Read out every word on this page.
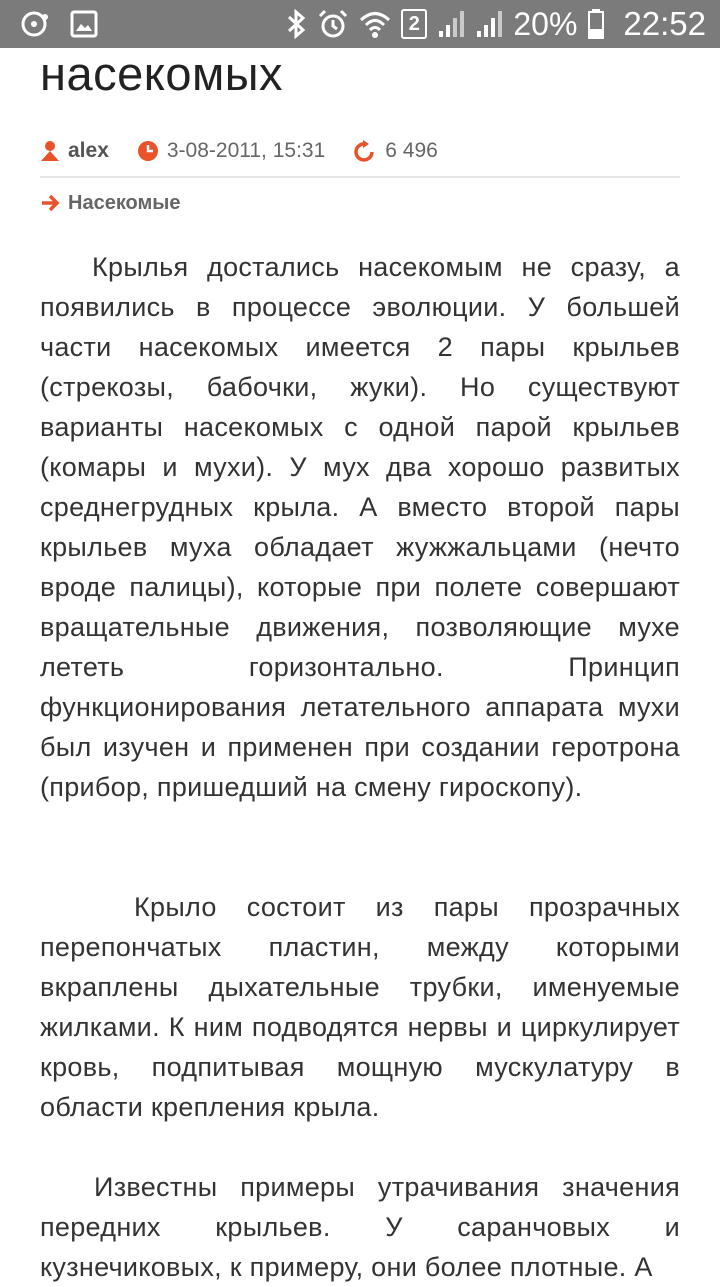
2	20% 22:52
насекомых
alex	3-08-2011, 15:31	6 496
Насекомые

Крылья достались насекомым не сразу, а появились в процессе эволюции. У большей части насекомых имеется 2 пары крыльев (стрекозы, бабочки, жуки). Но существуют варианты насекомых с одной парой крыльев (комары и мухи). У мух два хорошо развитых среднегрудных крыла. А вместо второй пары крыльев муха обладает жужжальцами (нечто вроде палицы), которые при полете совершают вращательные движения, позволяющие мухе лететь горизонтально. Принцип функционирования летательного аппарата мухи был изучен и применен при создании геротрона (прибор, пришедший на смену гироскопу).

Крыло состоит из пары прозрачных перепончатых пластин, между которыми вкраплены дыхательные трубки, именуемые жилками. К ним подводятся нервы и циркулирует кровь, подпитывая мощную мускулатуру в области крепления крыла.

Известны примеры утрачивания значения передних крыльев. У саранчовых и кузнечиковых, к примеру, они более плотные. А
